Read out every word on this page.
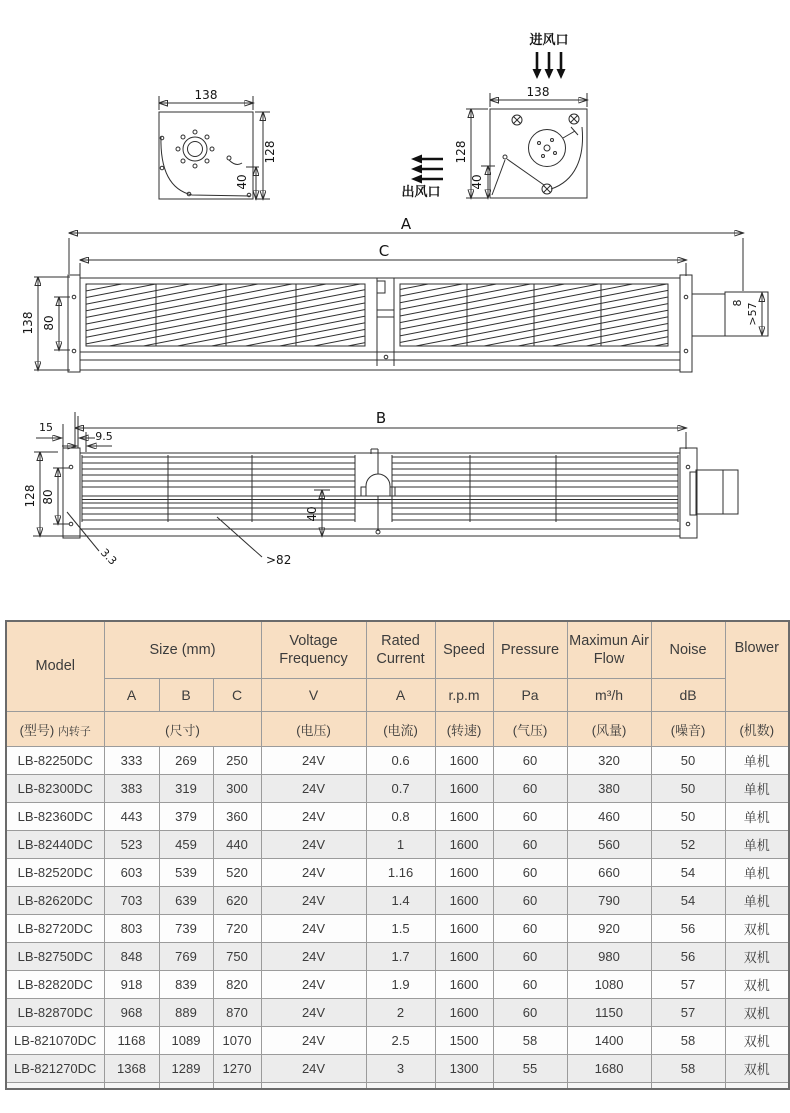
138
128
40
进风口
138
128
40
出风口
A
C
138 80
8 >57
B
15
9.5
128 80
40
3.3	>82
Model	Size (mm)			Voltage Frequency	Rated Current	Speed	Pressure	Maximun Air Flow	Noise	Blower
	A	B	C	V	A	r.p.m	Pa	m³/h	dB	
(型号) 内转子	(尺寸)			(电压)	(电流)	(转速)	(气压)	(风量)	(噪音)	(机数)
LB-82250DC	333	269	250	24V	0.6	1600	60	320	50	单机
LB-82300DC	383	319	300	24V	0.7	1600	60	380	50	单机
LB-82360DC	443	379	360	24V	0.8	1600	60	460	50	单机
LB-82440DC	523	459	440	24V	1	1600	60	560	52	单机
LB-82520DC	603	539	520	24V	1.16	1600	60	660	54	单机
LB-82620DC	703	639	620	24V	1.4	1600	60	790	54	单机
LB-82720DC	803	739	720	24V	1.5	1600	60	920	56	双机
LB-82750DC	848	769	750	24V	1.7	1600	60	980	56	双机
LB-82820DC	918	839	820	24V	1.9	1600	60	1080	57	双机
LB-82870DC	968	889	870	24V	2	1600	60	1150	57	双机
LB-821070DC	1168	1089	1070	24V	2.5	1500	58	1400	58	双机
LB-821270DC	1368	1289	1270	24V	3	1300	55	1680	58	双机
